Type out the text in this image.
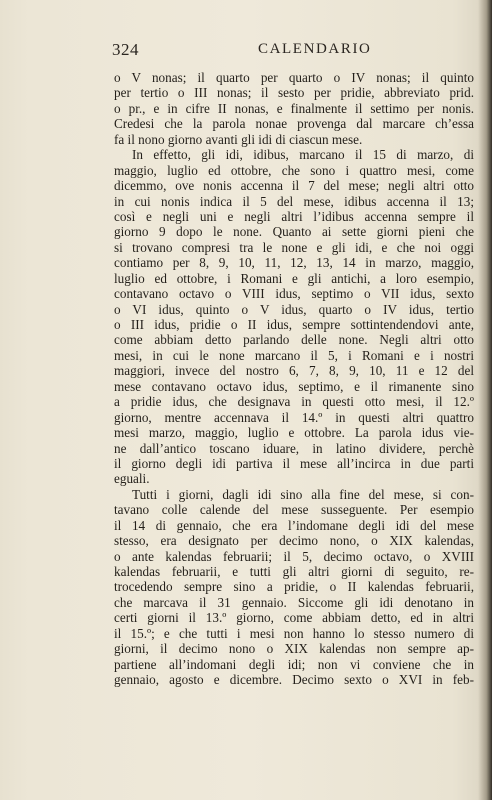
324	CALENDARIO
o V nonas; il quarto per quarto o IV nonas; il quinto
per tertio o III nonas; il sesto per pridie, abbreviato prid.
o pr., e in cifre II nonas, e finalmente il settimo per nonis.
Credesi che la parola nonae provenga dal marcare ch’essa
fa il nono giorno avanti gli idi di ciascun mese.
In effetto, gli idi, idibus, marcano il 15 di marzo, di
maggio, luglio ed ottobre, che sono i quattro mesi, come
dicemmo, ove nonis accenna il 7 del mese; negli altri otto
in cui nonis indica il 5 del mese, idibus accenna il 13;
così e negli uni e negli altri l’idibus accenna sempre il
giorno 9 dopo le none. Quanto ai sette giorni pieni che
si trovano compresi tra le none e gli idi, e che noi oggi
contiamo per 8, 9, 10, 11, 12, 13, 14 in marzo, maggio,
luglio ed ottobre, i Romani e gli antichi, a loro esempio,
contavano octavo o VIII idus, septimo o VII idus, sexto
o VI idus, quinto o V idus, quarto o IV idus, tertio
o III idus, pridie o II idus, sempre sottintendendovi ante,
come abbiam detto parlando delle none. Negli altri otto
mesi, in cui le none marcano il 5, i Romani e i nostri
maggiori, invece del nostro 6, 7, 8, 9, 10, 11 e 12 del
mese contavano octavo idus, septimo, e il rimanente sino
a pridie idus, che designava in questi otto mesi, il 12.º
giorno, mentre accennava il 14.º in questi altri quattro
mesi marzo, maggio, luglio e ottobre. La parola idus vie-
ne dall’antico toscano iduare, in latino dividere, perchè
il giorno degli idi partiva il mese all’incirca in due parti
eguali.
Tutti i giorni, dagli idi sino alla fine del mese, si con-
tavano colle calende del mese susseguente. Per esempio
il 14 di gennaio, che era l’indomane degli idi del mese
stesso, era designato per decimo nono, o XIX kalendas,
o ante kalendas februarii; il 5, decimo octavo, o XVIII
kalendas februarii, e tutti gli altri giorni di seguito, re-
trocedendo sempre sino a pridie, o II kalendas februarii,
che marcava il 31 gennaio. Siccome gli idi denotano in
certi giorni il 13.º giorno, come abbiam detto, ed in altri
il 15.º; e che tutti i mesi non hanno lo stesso numero di
giorni, il decimo nono o XIX kalendas non sempre ap-
partiene all’indomani degli idi; non vi conviene che in
gennaio, agosto e dicembre. Decimo sexto o XVI in feb-
